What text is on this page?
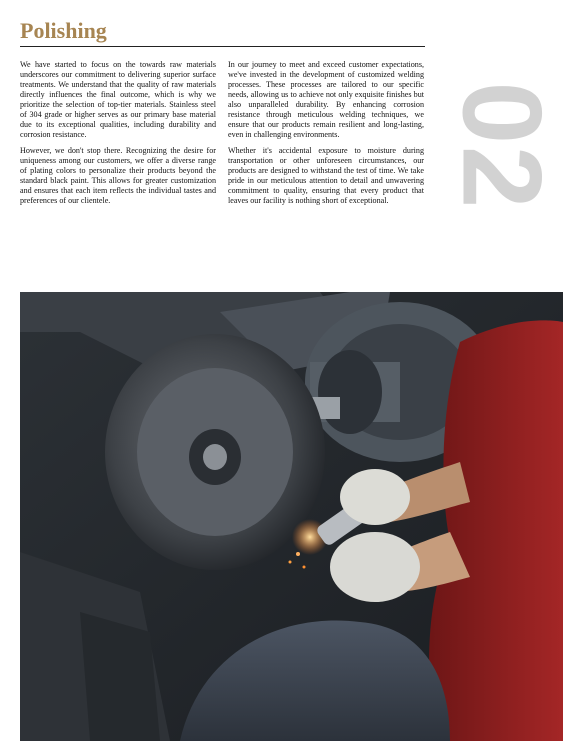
Polishing
02

We have started to focus on the towards raw materials underscores our commitment to delivering superior surface treatments. We understand that the quality of raw materials directly influences the final outcome, which is why we prioritize the selection of top-tier materials. Stainless steel of 304 grade or higher serves as our primary base material due to its exceptional qualities, including durability and corrosion resistance.

However, we don't stop there. Recognizing the desire for uniqueness among our customers, we offer a diverse range of plating colors to personalize their products beyond the standard black paint. This allows for greater customization and ensures that each item reflects the individual tastes and preferences of our clientele.

In our journey to meet and exceed customer expectations, we've invested in the development of customized welding processes. These processes are tailored to our specific needs, allowing us to achieve not only exquisite finishes but also unparalleled durability. By enhancing corrosion resistance through meticulous welding techniques, we ensure that our products remain resilient and long-lasting, even in challenging environments.

Whether it's accidental exposure to moisture during transportation or other unforeseen circumstances, our products are designed to withstand the test of time. We take pride in our meticulous attention to detail and unwavering commitment to quality, ensuring that every product that leaves our facility is nothing short of exceptional.
